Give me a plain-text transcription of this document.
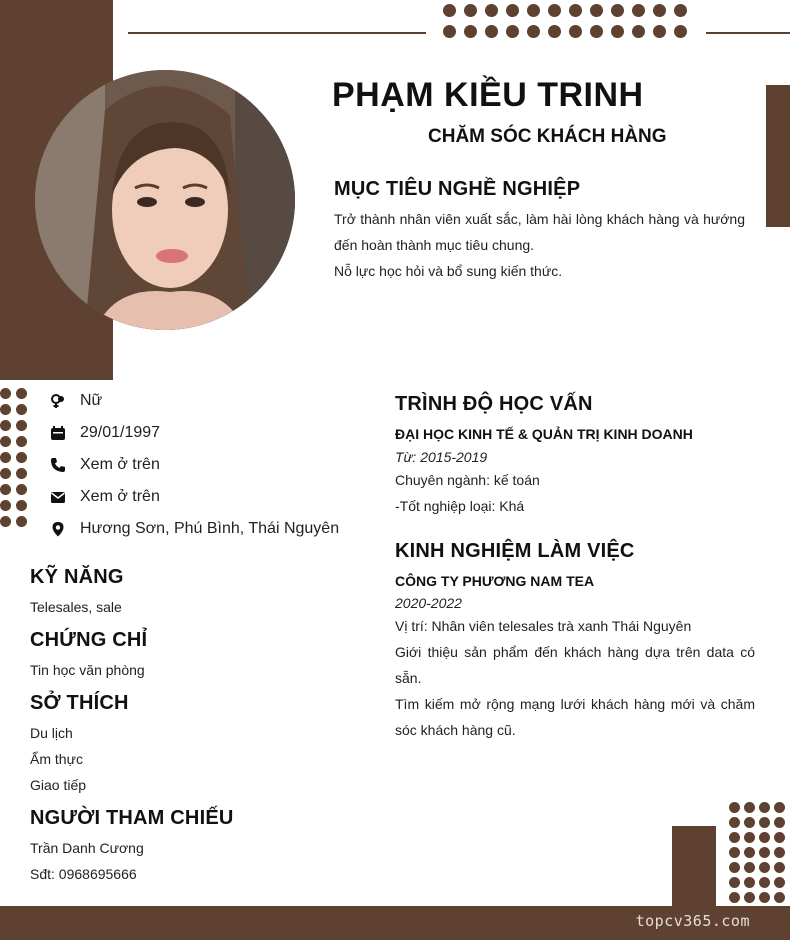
topcv365.com
PHẠM KIỀU TRINH
CHĂM SÓC KHÁCH HÀNG
MỤC TIÊU NGHỀ NGHIỆP
Trở thành nhân viên xuất sắc, làm hài lòng khách hàng và hướng đến hoàn thành mục tiêu chung.
Nỗ lực học hỏi và bổ sung kiến thức.
Nữ
29/01/1997
Xem ở trên
Xem ở trên
Hương Sơn, Phú Bình, Thái Nguyên
KỸ NĂNG
Telesales, sale
CHỨNG CHỈ
Tin học văn phòng
SỞ THÍCH
Du lịch
Ẩm thực
Giao tiếp
NGƯỜI THAM CHIẾU
Trần Danh Cương
Sđt: 0968695666
TRÌNH ĐỘ HỌC VẤN
ĐẠI HỌC KINH TẾ & QUẢN TRỊ KINH DOANH
Từ: 2015-2019
Chuyên ngành: kế toán
-Tốt nghiệp loại: Khá
KINH NGHIỆM LÀM VIỆC
CÔNG TY PHƯƠNG NAM TEA
2020-2022
Vị trí: Nhân viên telesales trà xanh Thái Nguyên
Giới thiệu sản phẩm đến khách hàng dựa trên data có sẵn.
Tìm kiếm mở rộng mạng lưới khách hàng mới và chăm sóc khách hàng cũ.
